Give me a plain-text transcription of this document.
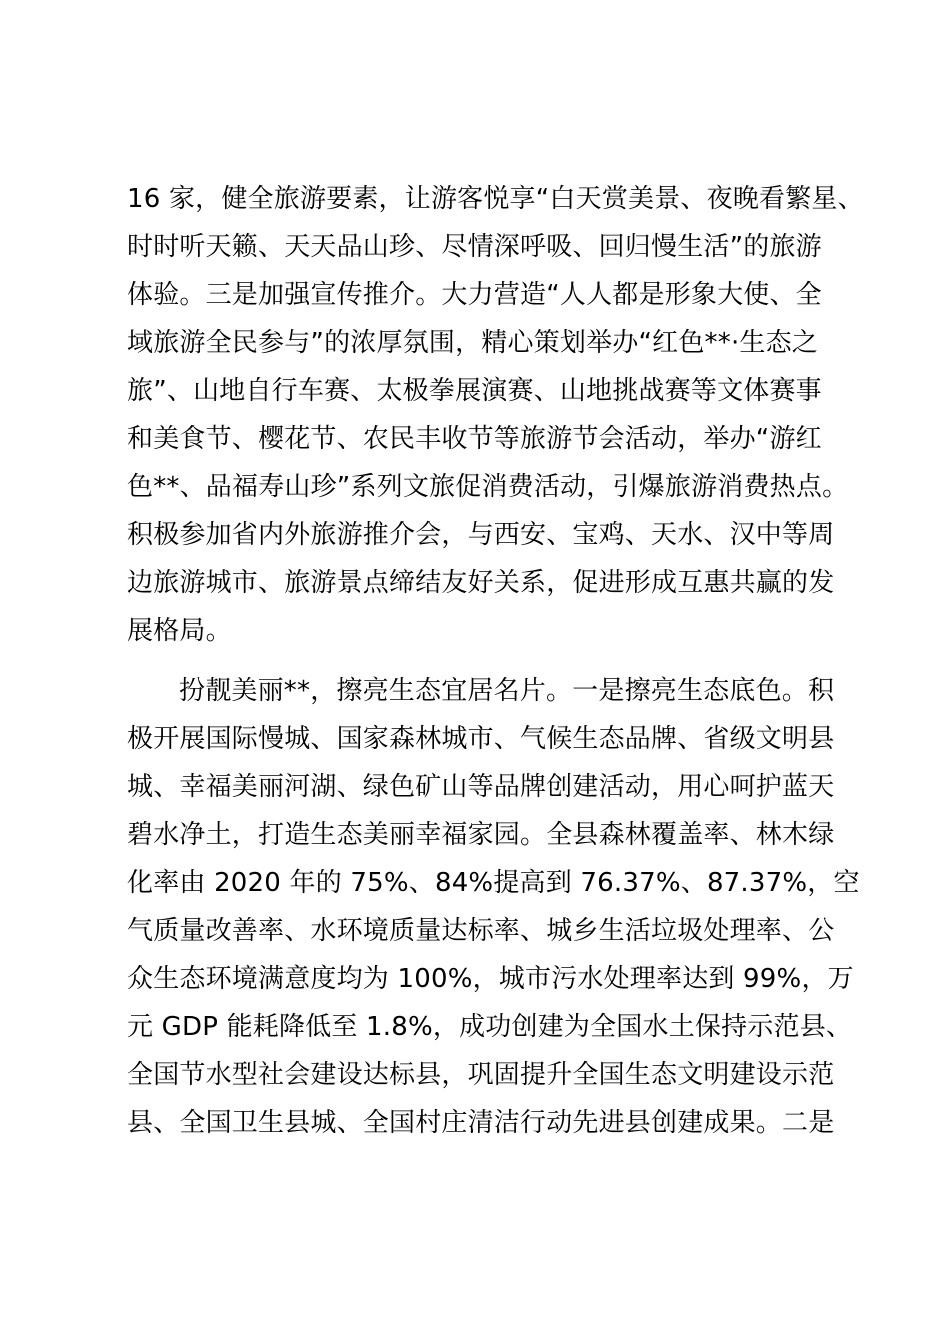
16 家，健全旅游要素，让游客悦享“白天赏美景、夜晚看繁星、
时时听天籁、天天品山珍、尽情深呼吸、回归慢生活”的旅游
体验。三是加强宣传推介。大力营造“人人都是形象大使、全
域旅游全民参与”的浓厚氛围，精心策划举办“红色**·生态之
旅”、山地自行车赛、太极拳展演赛、山地挑战赛等文体赛事
和美食节、樱花节、农民丰收节等旅游节会活动，举办“游红
色**、品福寿山珍”系列文旅促消费活动，引爆旅游消费热点。
积极参加省内外旅游推介会，与西安、宝鸡、天水、汉中等周
边旅游城市、旅游景点缔结友好关系，促进形成互惠共赢的发
展格局。
扮靓美丽**，擦亮生态宜居名片。一是擦亮生态底色。积
极开展国际慢城、国家森林城市、气候生态品牌、省级文明县
城、幸福美丽河湖、绿色矿山等品牌创建活动，用心呵护蓝天
碧水净土，打造生态美丽幸福家园。全县森林覆盖率、林木绿
化率由 2020 年的 75%、84%提高到 76.37%、87.37%，空
气质量改善率、水环境质量达标率、城乡生活垃圾处理率、公
众生态环境满意度均为 100%，城市污水处理率达到 99%，万
元 GDP 能耗降低至 1.8%，成功创建为全国水土保持示范县、
全国节水型社会建设达标县，巩固提升全国生态文明建设示范
县、全国卫生县城、全国村庄清洁行动先进县创建成果。二是
